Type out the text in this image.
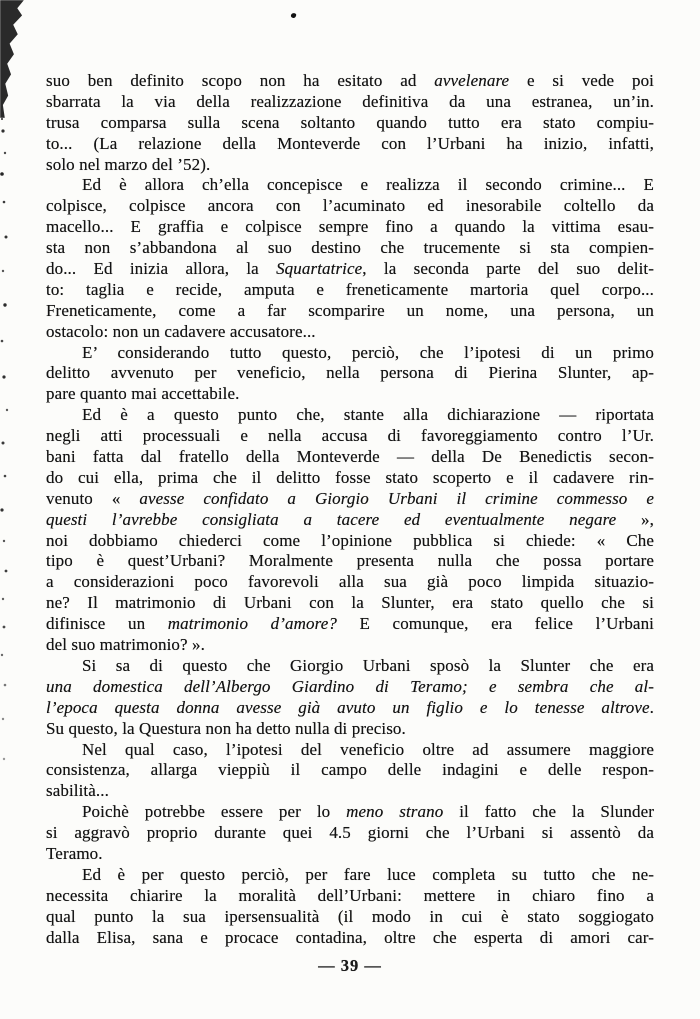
suo ben definito scopo non ha esitato ad avvelenare e si vede poi
sbarrata la via della realizzazione definitiva da una estranea, un’in.
trusa comparsa sulla scena soltanto quando tutto era stato compiu-
to... (La relazione della Monteverde con l’Urbani ha inizio, infatti,
solo nel marzo del ’52).
Ed è allora ch’ella concepisce e realizza il secondo crimine... E
colpisce, colpisce ancora con l’acuminato ed inesorabile coltello da
macello... E graffia e colpisce sempre fino a quando la vittima esau-
sta non s’abbandona al suo destino che trucemente si sta compien-
do... Ed inizia allora, la Squartatrice, la seconda parte del suo delit-
to: taglia e recide, amputa e freneticamente martoria quel corpo...
Freneticamente, come a far scomparire un nome, una persona, un
ostacolo: non un cadavere accusatore...
E’ considerando tutto questo, perciò, che l’ipotesi di un primo
delitto avvenuto per veneficio, nella persona di Pierina Slunter, ap-
pare quanto mai accettabile.
Ed è a questo punto che, stante alla dichiarazione — riportata
negli atti processuali e nella accusa di favoreggiamento contro l’Ur.
bani fatta dal fratello della Monteverde — della De Benedictis secon-
do cui ella, prima che il delitto fosse stato scoperto e il cadavere rin-
venuto « avesse confidato a Giorgio Urbani il crimine commesso e
questi l’avrebbe consigliata a tacere ed eventualmente negare »,
noi dobbiamo chiederci come l’opinione pubblica si chiede: « Che
tipo è quest’Urbani? Moralmente presenta nulla che possa portare
a considerazioni poco favorevoli alla sua già poco limpida situazio-
ne? Il matrimonio di Urbani con la Slunter, era stato quello che si
difinisce un matrimonio d’amore? E comunque, era felice l’Urbani
del suo matrimonio? ».
Si sa di questo che Giorgio Urbani sposò la Slunter che era
una domestica dell’Albergo Giardino di Teramo; e sembra che al-
l’epoca questa donna avesse già avuto un figlio e lo tenesse altrove.
Su questo, la Questura non ha detto nulla di preciso.
Nel qual caso, l’ipotesi del veneficio oltre ad assumere maggiore
consistenza, allarga vieppiù il campo delle indagini e delle respon-
sabilità...
Poichè potrebbe essere per lo meno strano il fatto che la Slunder
si aggravò proprio durante quei 4.5 giorni che l’Urbani si assentò da
Teramo.
Ed è per questo perciò, per fare luce completa su tutto che ne-
necessita chiarire la moralità dell’Urbani: mettere in chiaro fino a
qual punto la sua ipersensualità (il modo in cui è stato soggiogato
dalla Elisa, sana e procace contadina, oltre che esperta di amori car-
— 39 —
